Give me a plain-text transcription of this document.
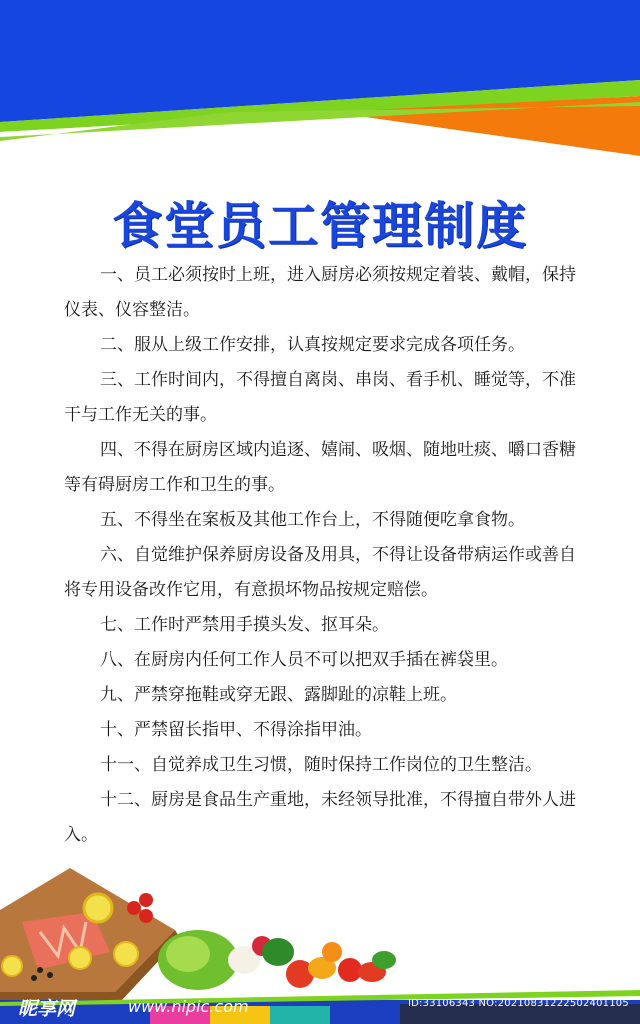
食堂员工管理制度

一、员工必须按时上班，进入厨房必须按规定着装、戴帽，保持仪表、仪容整洁。

二、服从上级工作安排，认真按规定要求完成各项任务。

三、工作时间内，不得擅自离岗、串岗、看手机、睡觉等，不准干与工作无关的事。

四、不得在厨房区域内追逐、嬉闹、吸烟、随地吐痰、嚼口香糖等有碍厨房工作和卫生的事。

五、不得坐在案板及其他工作台上，不得随便吃拿食物。

六、自觉维护保养厨房设备及用具，不得让设备带病运作或善自将专用设备改作它用，有意损坏物品按规定赔偿。

七、工作时严禁用手摸头发、抠耳朵。

八、在厨房内任何工作人员不可以把双手插在裤袋里。

九、严禁穿拖鞋或穿无跟、露脚趾的凉鞋上班。

十、严禁留长指甲、不得涂指甲油。

十一、自觉养成卫生习惯，随时保持工作岗位的卫生整洁。

十二、厨房是食品生产重地，未经领导批准，不得擅自带外人进入。

昵享网	www.nipic.com	ID:33106343 NO:20210831222502401105
